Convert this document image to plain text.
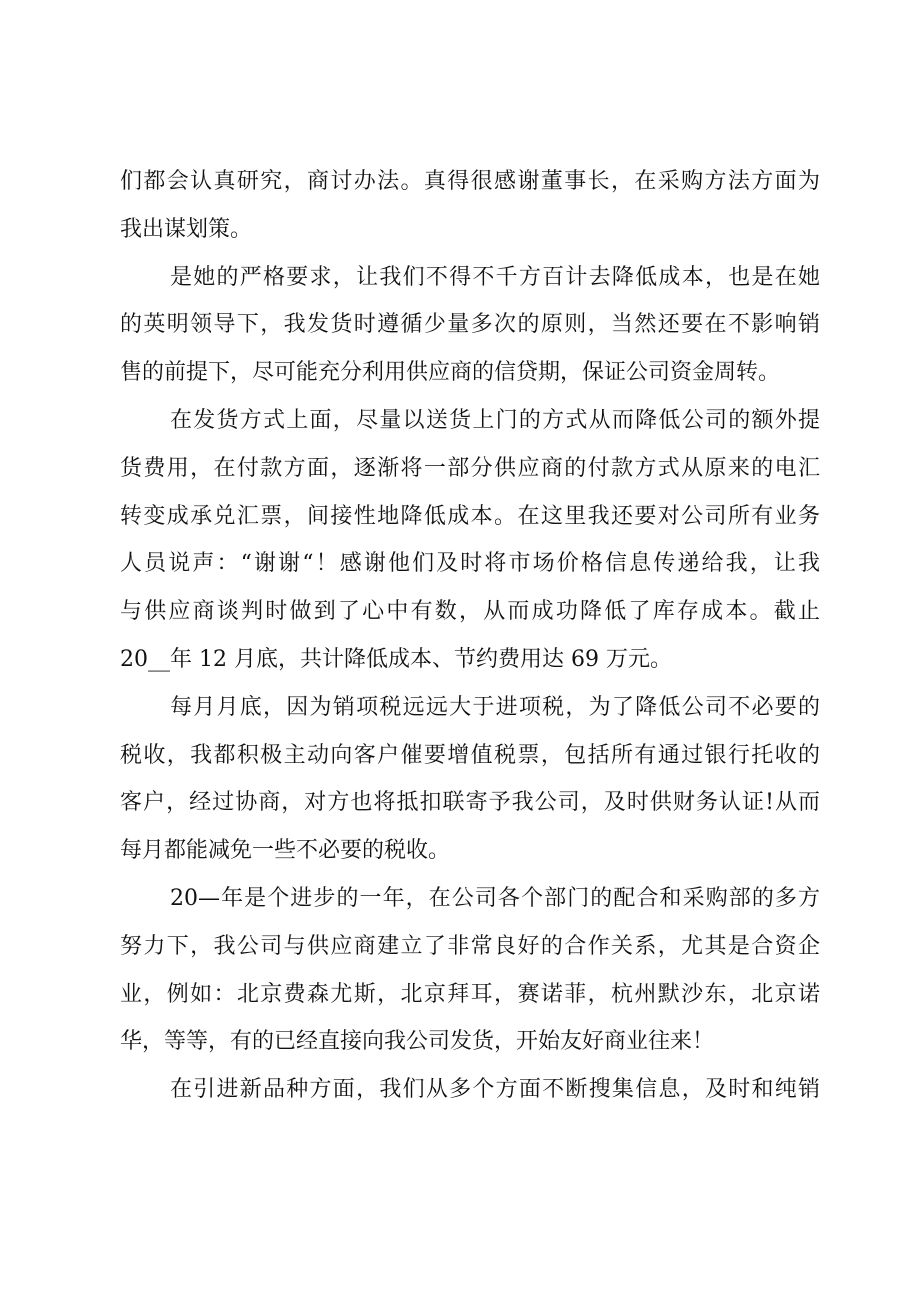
们都会认真研究，商讨办法。真得很感谢董事长，在采购方法方面为
我出谋划策。
是她的严格要求，让我们不得不千方百计去降低成本，也是在她
的英明领导下，我发货时遵循少量多次的原则，当然还要在不影响销
售的前提下，尽可能充分利用供应商的信贷期，保证公司资金周转。
在发货方式上面，尽量以送货上门的方式从而降低公司的额外提
货费用，在付款方面，逐渐将一部分供应商的付款方式从原来的电汇
转变成承兑汇票，间接性地降低成本。在这里我还要对公司所有业务
人员说声：“谢谢“！感谢他们及时将市场价格信息传递给我，让我
与供应商谈判时做到了心中有数，从而成功降低了库存成本。截止
20__年 12 月底，共计降低成本、节约费用达 69 万元。
每月月底，因为销项税远远大于进项税，为了降低公司不必要的
税收，我都积极主动向客户催要增值税票，包括所有通过银行托收的
客户，经过协商，对方也将抵扣联寄予我公司，及时供财务认证!从而
每月都能减免一些不必要的税收。
20—年是个进步的一年，在公司各个部门的配合和采购部的多方
努力下，我公司与供应商建立了非常良好的合作关系，尤其是合资企
业，例如：北京费森尤斯，北京拜耳，赛诺菲，杭州默沙东，北京诺
华，等等，有的已经直接向我公司发货，开始友好商业往来！
在引进新品种方面，我们从多个方面不断搜集信息，及时和纯销
